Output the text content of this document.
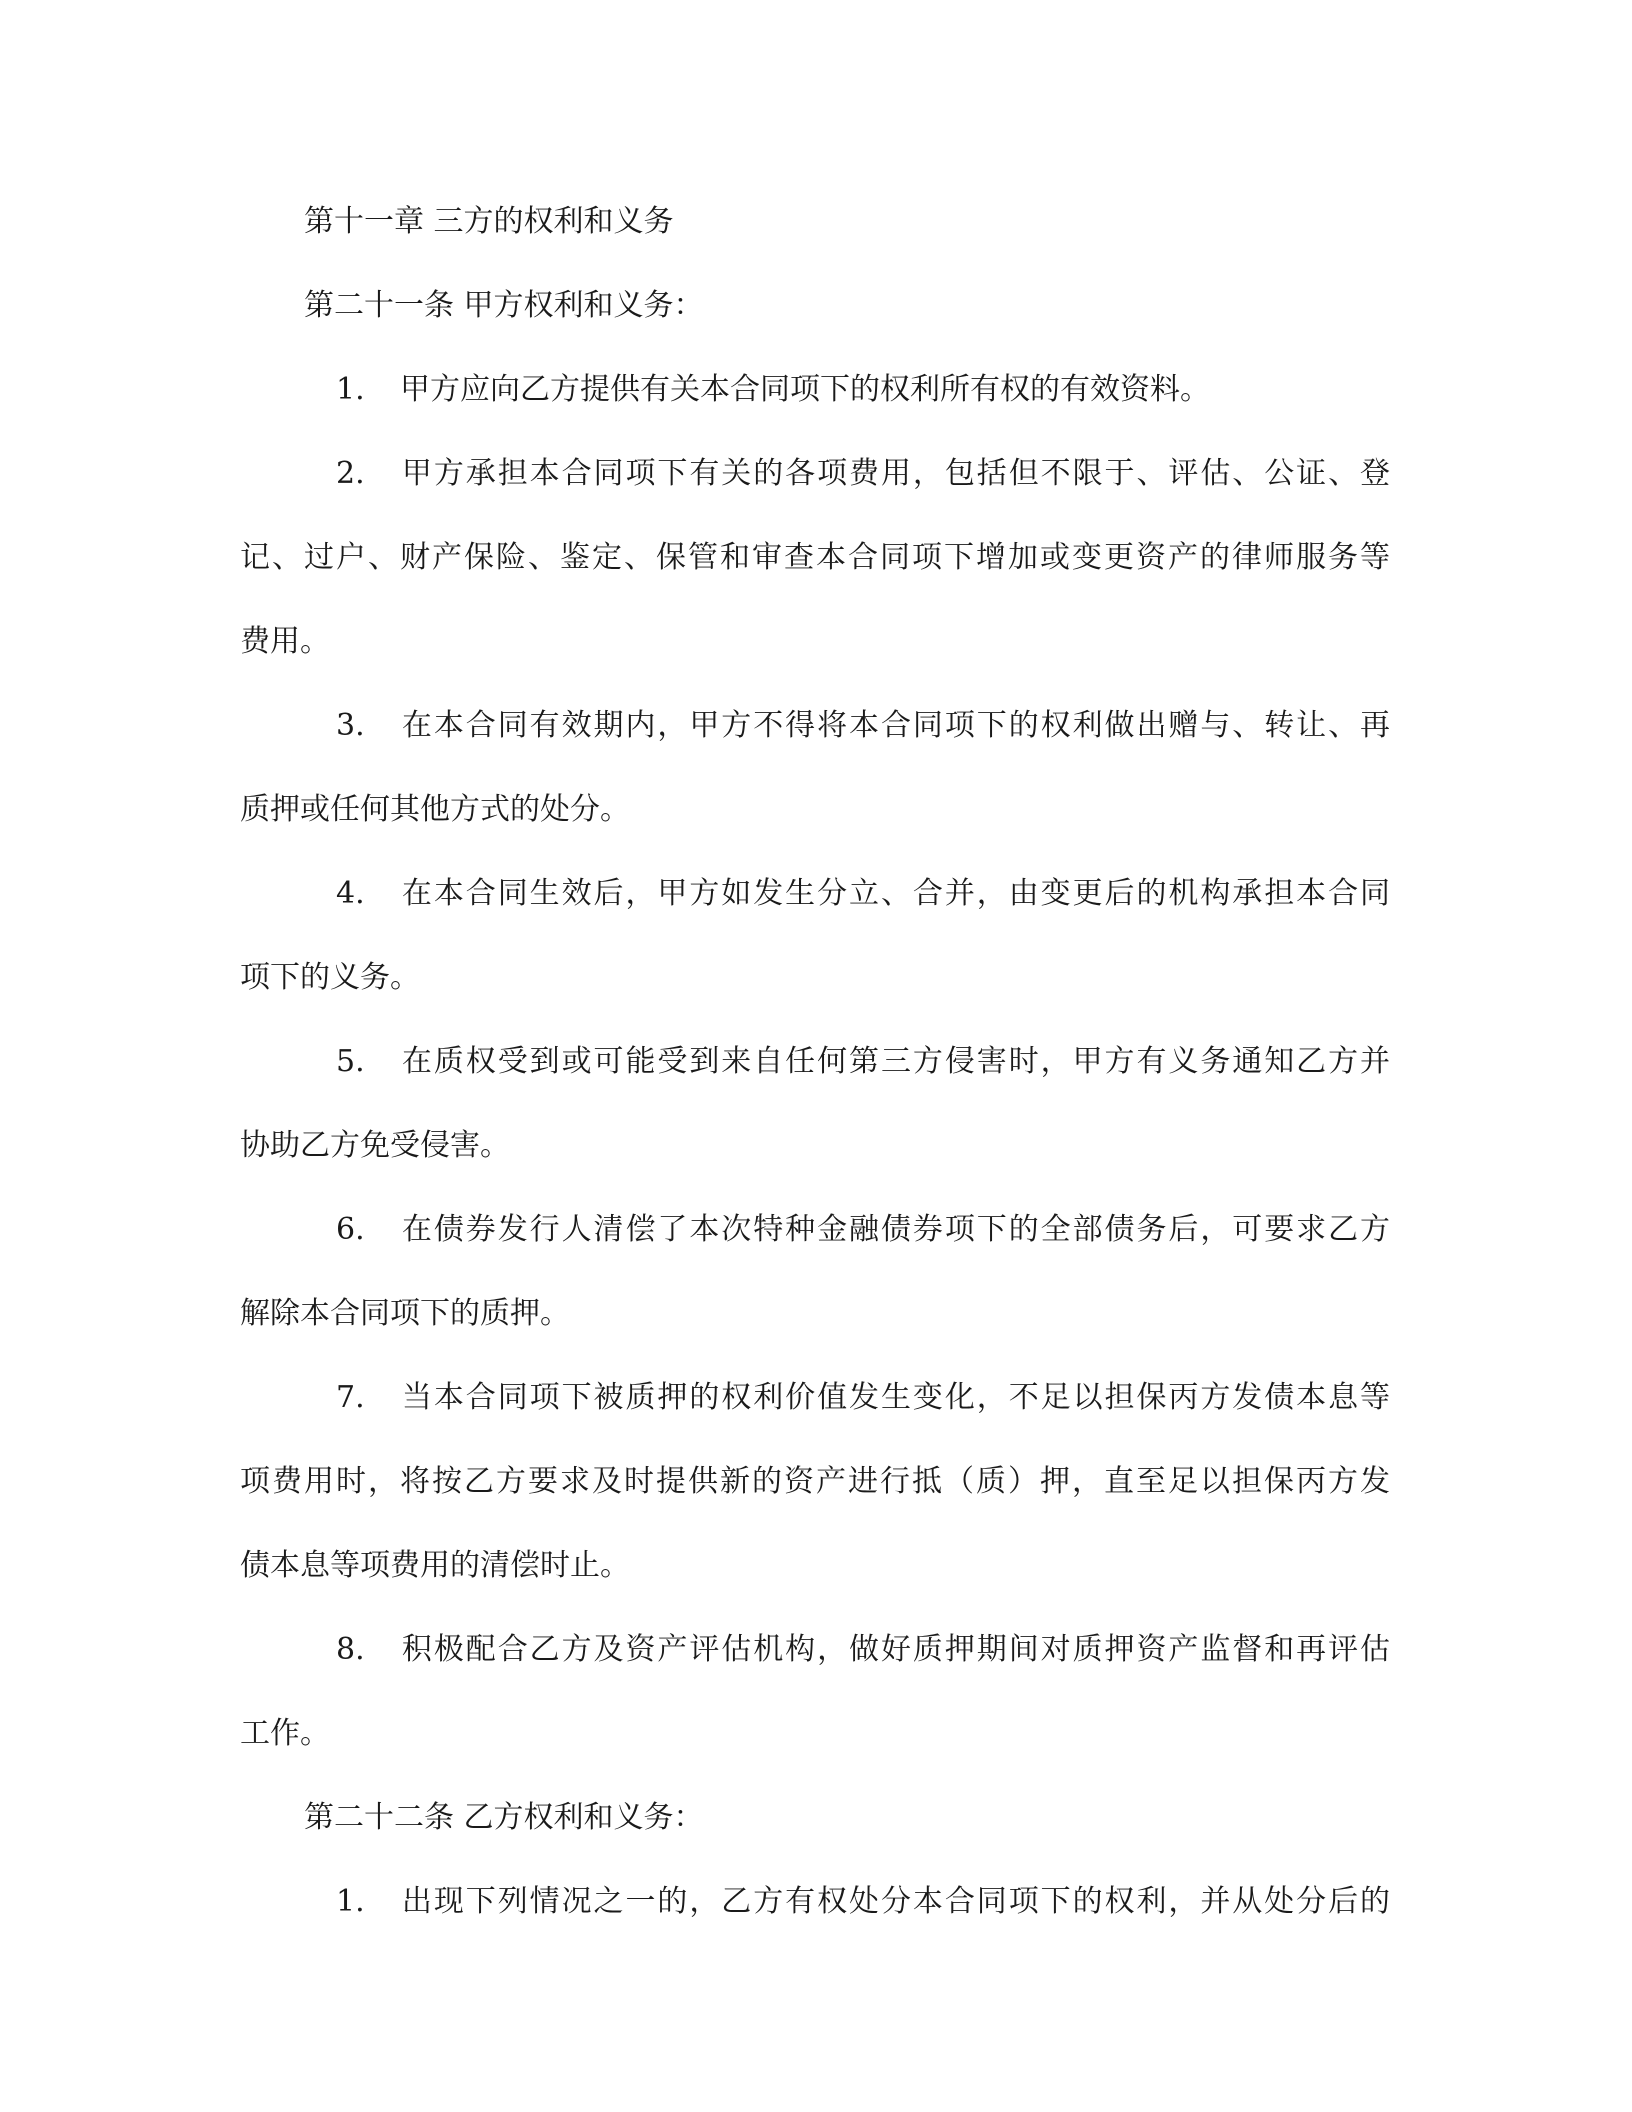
第十一章 三方的权利和义务

第二十一条 甲方权利和义务：

1. 甲方应向乙方提供有关本合同项下的权利所有权的有效资料。

2. 甲方承担本合同项下有关的各项费用，包括但不限于、评估、公证、登

记、过户、财产保险、鉴定、保管和审查本合同项下增加或变更资产的律师服务等

费用。

3. 在本合同有效期内，甲方不得将本合同项下的权利做出赠与、转让、再

质押或任何其他方式的处分。

4. 在本合同生效后，甲方如发生分立、合并，由变更后的机构承担本合同

项下的义务。

5. 在质权受到或可能受到来自任何第三方侵害时，甲方有义务通知乙方并

协助乙方免受侵害。

6. 在债券发行人清偿了本次特种金融债券项下的全部债务后，可要求乙方

解除本合同项下的质押。

7. 当本合同项下被质押的权利价值发生变化，不足以担保丙方发债本息等

项费用时，将按乙方要求及时提供新的资产进行抵（质）押，直至足以担保丙方发

债本息等项费用的清偿时止。

8. 积极配合乙方及资产评估机构，做好质押期间对质押资产监督和再评估

工作。

第二十二条 乙方权利和义务：

1. 出现下列情况之一的，乙方有权处分本合同项下的权利，并从处分后的
